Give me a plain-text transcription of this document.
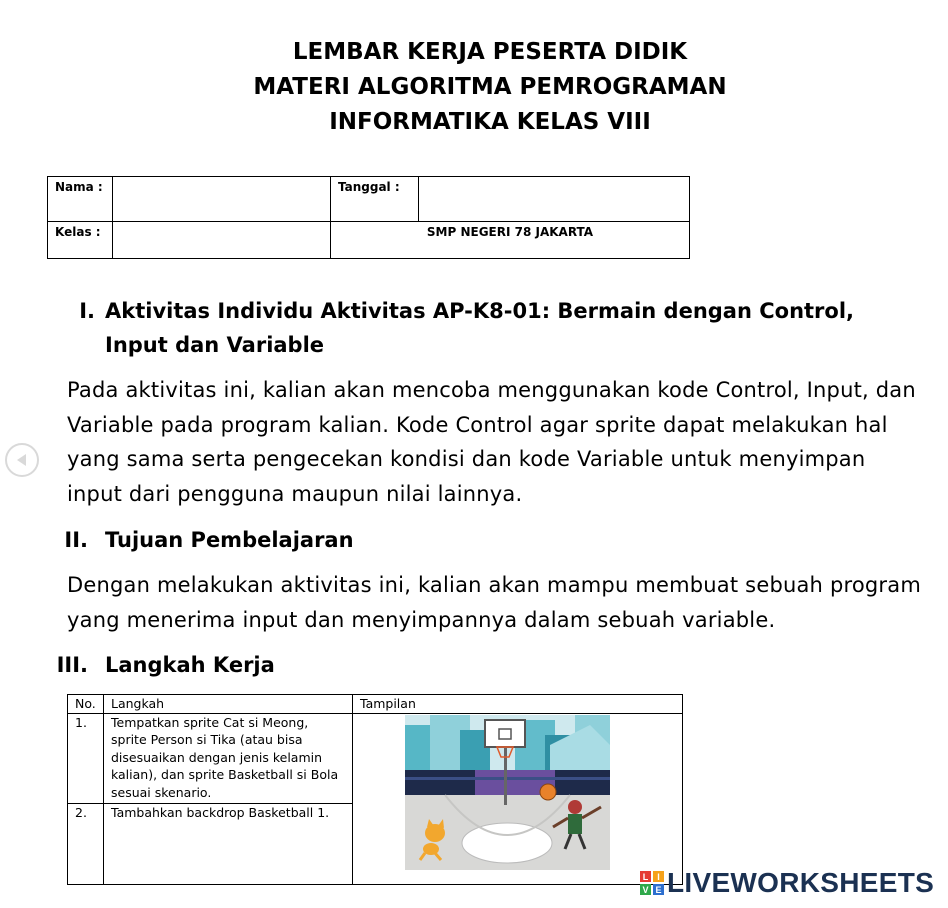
LEMBAR KERJA PESERTA DIDIK
MATERI ALGORITMA PEMROGRAMAN
INFORMATIKA KELAS VIII
Nama :		Tanggal :	
Kelas :		SMP NEGERI 78 JAKARTA	
I. Aktivitas Individu Aktivitas AP-K8-01: Bermain dengan Control, Input dan Variable
Pada aktivitas ini, kalian akan mencoba menggunakan kode Control, Input, dan Variable pada program kalian. Kode Control agar sprite dapat melakukan hal yang sama serta pengecekan kondisi dan kode Variable untuk menyimpan input dari pengguna maupun nilai lainnya.
II. Tujuan Pembelajaran
Dengan melakukan aktivitas ini, kalian akan mampu membuat sebuah program yang menerima input dan menyimpannya dalam sebuah variable.
III. Langkah Kerja
No.	Langkah	Tampilan
1.	Tempatkan sprite Cat si Meong, sprite Person si Tika (atau bisa disesuaikan dengan jenis kelamin kalian), dan sprite Basketball si Bola sesuai skenario.	

2.	Tambahkan backdrop Basketball 1.	
L I
V E LIVEWORKSHEETS
